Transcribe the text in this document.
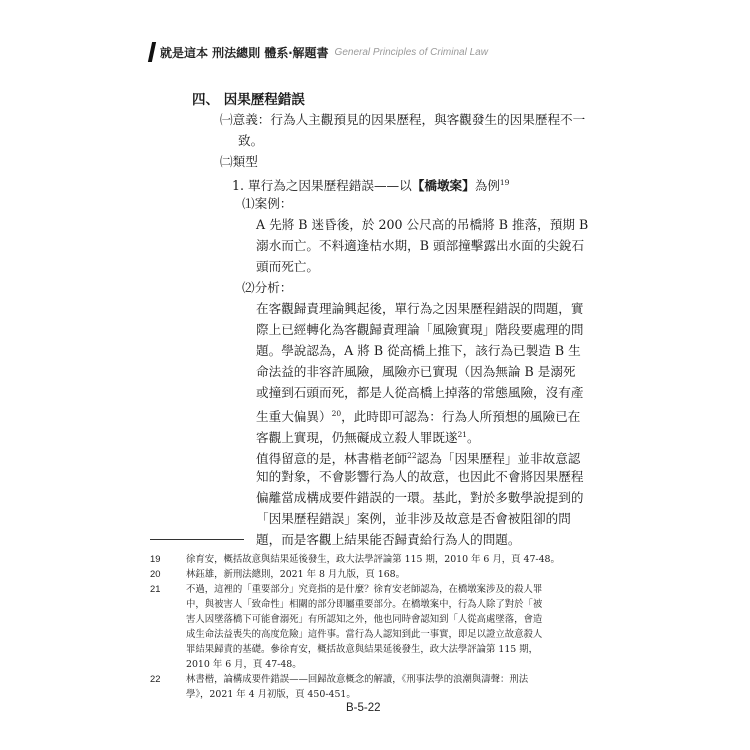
就是這本 刑法總則 體系‧解題書 General Principles of Criminal Law
四、 因果歷程錯誤
㈠意義：行為人主觀預見的因果歷程，與客觀發生的因果歷程不一
致。
㈡類型
1. 單行為之因果歷程錯誤——以【橋墩案】為例$^{19}$
⑴案例：
A 先將 B 迷昏後，於 200 公尺高的吊橋將 B 推落，預期 B
溺水而亡。不料適逢枯水期，B 頭部撞擊露出水面的尖銳石
頭而死亡。
⑵分析：
在客觀歸責理論興起後，單行為之因果歷程錯誤的問題，實
際上已經轉化為客觀歸責理論「風險實現」階段要處理的問
題。學說認為，A 將 B 從高橋上推下，該行為已製造 B 生
命法益的非容許風險，風險亦已實現（因為無論 B 是溺死
或撞到石頭而死，都是人從高橋上掉落的常態風險，沒有產
生重大偏異）$^{20}$，此時即可認為：行為人所預想的風險已在
客觀上實現，仍無礙成立殺人罪既遂$^{21}$。
值得留意的是，林書楷老師$^{22}$認為「因果歷程」並非故意認
知的對象，不會影響行為人的故意，也因此不會將因果歷程
偏離當成構成要件錯誤的一環。基此，對於多數學說提到的
「因果歷程錯誤」案例，並非涉及故意是否會被阻卻的問
題，而是客觀上結果能否歸責給行為人的問題。
19	徐育安，概括故意與結果延後發生，政大法學評論第 115 期，2010 年 6 月，頁 47-48。
20	林鈺雄，新刑法總則，2021 年 8 月九版，頁 168。
21	不過，這裡的「重要部分」究竟指的是什麼？徐育安老師認為，在橋墩案涉及的殺人罪
中，與被害人「致命性」相關的部分即屬重要部分。在橋墩案中，行為人除了對於「被
害人因墜落橋下可能會溺死」有所認知之外，他也同時會認知到「人從高處墜落，會造
成生命法益喪失的高度危險」這件事。當行為人認知到此一事實，即足以證立故意殺人
罪結果歸責的基礎。參徐育安，概括故意與結果延後發生，政大法學評論第 115 期，
2010 年 6 月，頁 47-48。
22	林書楷，論構成要件錯誤——回歸故意概念的解讀，《刑事法學的浪潮與濤聲：刑法
學》，2021 年 4 月初版，頁 450-451。
B-5-22
